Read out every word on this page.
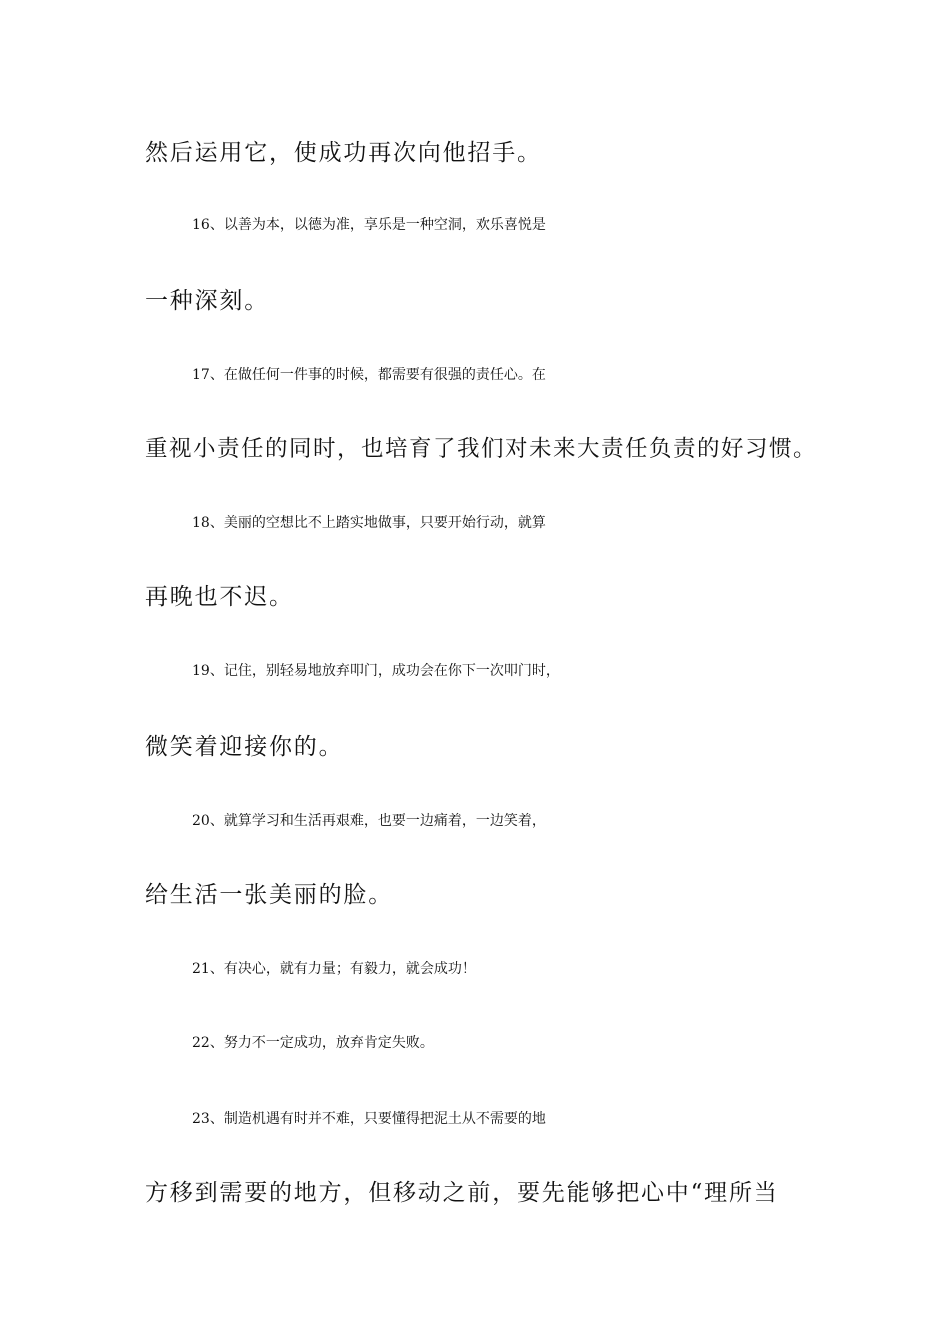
然后运用它，使成功再次向他招手。
16、以善为本，以德为准，享乐是一种空洞，欢乐喜悦是
一种深刻。
17、在做任何一件事的时候，都需要有很强的责任心。在
重视小责任的同时，也培育了我们对未来大责任负责的好习惯。
18、美丽的空想比不上踏实地做事，只要开始行动，就算
再晚也不迟。
19、记住，别轻易地放弃叩门，成功会在你下一次叩门时，
微笑着迎接你的。
20、就算学习和生活再艰难，也要一边痛着，一边笑着，
给生活一张美丽的脸。
21、有决心，就有力量；有毅力，就会成功！
22、努力不一定成功，放弃肯定失败。
23、制造机遇有时并不难，只要懂得把泥土从不需要的地
方移到需要的地方，但移动之前，要先能够把心中“理所当
